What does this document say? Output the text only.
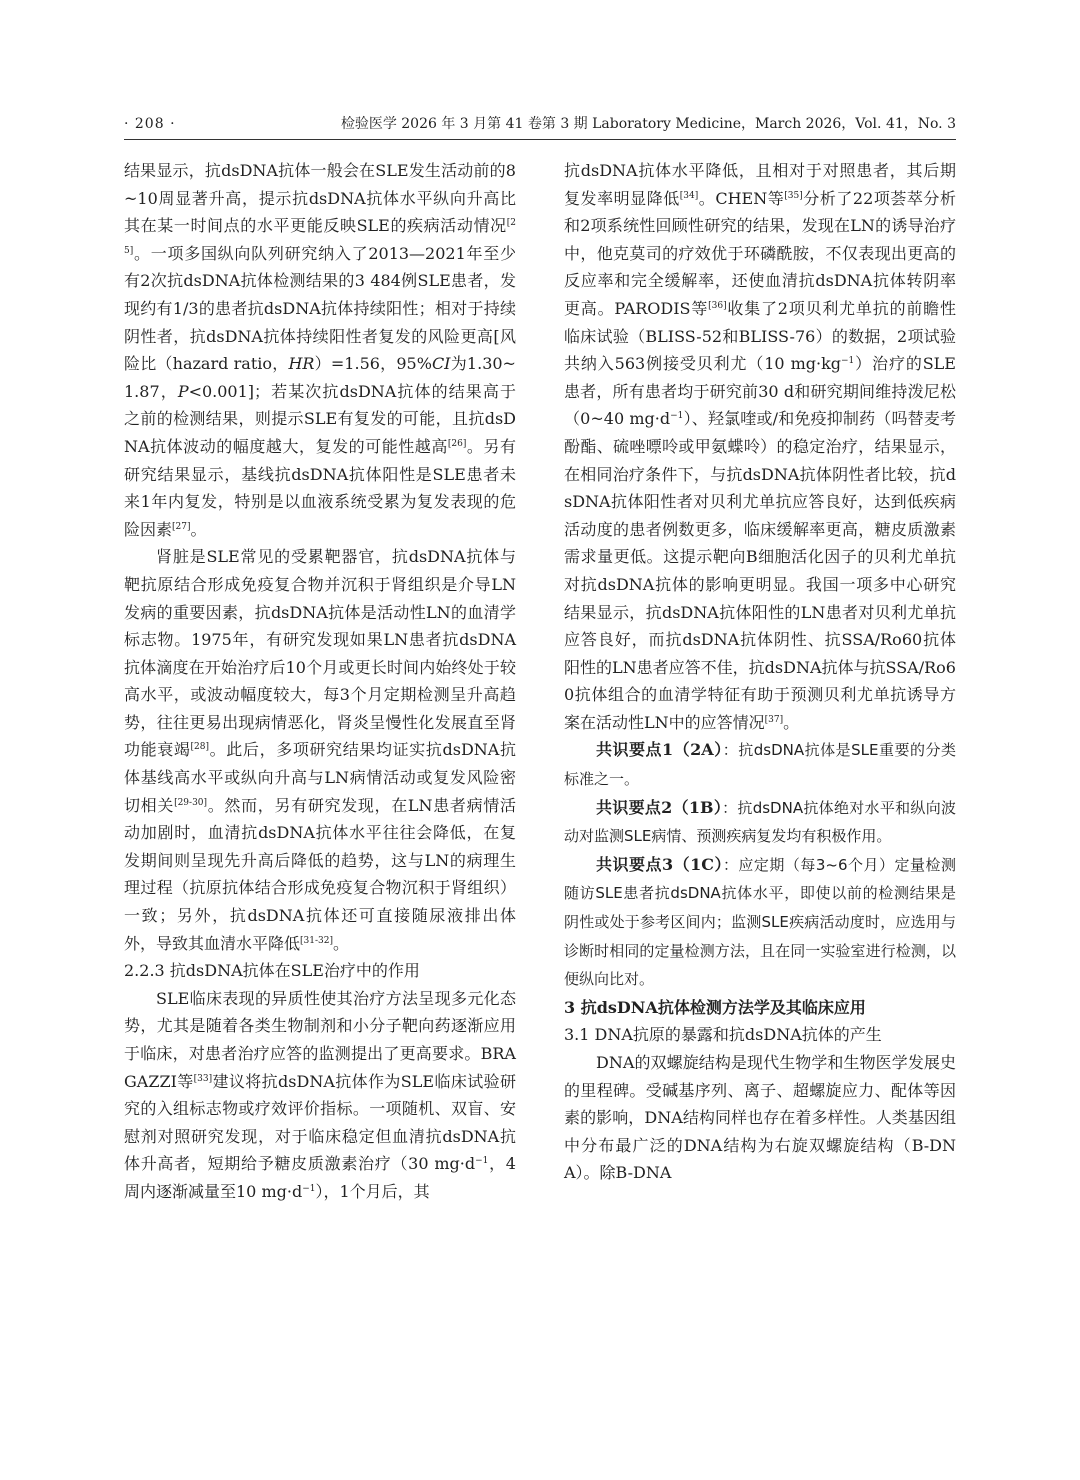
· 208 ·	检验医学 2026 年 3 月第 41 卷第 3 期 Laboratory Medicine，March 2026，Vol. 41，No. 3

结果显示，抗dsDNA抗体一般会在SLE发生活动前的8~10周显著升高，提示抗dsDNA抗体水平纵向升高比其在某一时间点的水平更能反映SLE的疾病活动情况[25]。一项多国纵向队列研究纳入了2013—2021年至少有2次抗dsDNA抗体检测结果的3 484例SLE患者，发现约有1/3的患者抗dsDNA抗体持续阳性；相对于持续阴性者，抗dsDNA抗体持续阳性者复发的风险更高[风险比（hazard ratio，HR）=1.56，95%CI为1.30~1.87，P<0.001]；若某次抗dsDNA抗体的结果高于之前的检测结果，则提示SLE有复发的可能，且抗dsDNA抗体波动的幅度越大，复发的可能性越高[26]。另有研究结果显示，基线抗dsDNA抗体阳性是SLE患者未来1年内复发，特别是以血液系统受累为复发表现的危险因素[27]。

肾脏是SLE常见的受累靶器官，抗dsDNA抗体与靶抗原结合形成免疫复合物并沉积于肾组织是介导LN发病的重要因素，抗dsDNA抗体是活动性LN的血清学标志物。1975年，有研究发现如果LN患者抗dsDNA抗体滴度在开始治疗后10个月或更长时间内始终处于较高水平，或波动幅度较大，每3个月定期检测呈升高趋势，往往更易出现病情恶化，肾炎呈慢性化发展直至肾功能衰竭[28]。此后，多项研究结果均证实抗dsDNA抗体基线高水平或纵向升高与LN病情活动或复发风险密切相关[29-30]。然而，另有研究发现，在LN患者病情活动加剧时，血清抗dsDNA抗体水平往往会降低，在复发期间则呈现先升高后降低的趋势，这与LN的病理生理过程（抗原抗体结合形成免疫复合物沉积于肾组织）一致；另外，抗dsDNA抗体还可直接随尿液排出体外，导致其血清水平降低[31-32]。

2.2.3 抗dsDNA抗体在SLE治疗中的作用

SLE临床表现的异质性使其治疗方法呈现多元化态势，尤其是随着各类生物制剂和小分子靶向药逐渐应用于临床，对患者治疗应答的监测提出了更高要求。BRAGAZZI等[33]建议将抗dsDNA抗体作为SLE临床试验研究的入组标志物或疗效评价指标。一项随机、双盲、安慰剂对照研究发现，对于临床稳定但血清抗dsDNA抗体升高者，短期给予糖皮质激素治疗（30 $mg\cdot d^{-1}$，4周内逐渐减量至10 $mg\cdot d^{-1}$），1个月后，其

抗dsDNA抗体水平降低，且相对于对照患者，其后期复发率明显降低[34]。CHEN等[35]分析了22项荟萃分析和2项系统性回顾性研究的结果，发现在LN的诱导治疗中，他克莫司的疗效优于环磷酰胺，不仅表现出更高的反应率和完全缓解率，还使血清抗dsDNA抗体转阴率更高。PARODIS等[36]收集了2项贝利尤单抗的前瞻性临床试验（BLISS-52和BLISS-76）的数据，2项试验共纳入563例接受贝利尤（10 $mg\cdot kg^{-1}$）治疗的SLE患者，所有患者均于研究前30 d和研究期间维持泼尼松（0~40 $mg\cdot d^{-1}$）、羟氯喹或/和免疫抑制药（吗替麦考酚酯、硫唑嘌呤或甲氨蝶呤）的稳定治疗，结果显示，在相同治疗条件下，与抗dsDNA抗体阴性者比较，抗dsDNA抗体阳性者对贝利尤单抗应答良好，达到低疾病活动度的患者例数更多，临床缓解率更高，糖皮质激素需求量更低。这提示靶向B细胞活化因子的贝利尤单抗对抗dsDNA抗体的影响更明显。我国一项多中心研究结果显示，抗dsDNA抗体阳性的LN患者对贝利尤单抗应答良好，而抗dsDNA抗体阴性、抗SSA/Ro60抗体阳性的LN患者应答不佳，抗dsDNA抗体与抗SSA/Ro60抗体组合的血清学特征有助于预测贝利尤单抗诱导方案在活动性LN中的应答情况[37]。

共识要点1（2A）：抗dsDNA抗体是SLE重要的分类标准之一。

共识要点2（1B）：抗dsDNA抗体绝对水平和纵向波动对监测SLE病情、预测疾病复发均有积极作用。

共识要点3（1C）：应定期（每3~6个月）定量检测随访SLE患者抗dsDNA抗体水平，即使以前的检测结果是阴性或处于参考区间内；监测SLE疾病活动度时，应选用与诊断时相同的定量检测方法，且在同一实验室进行检测，以便纵向比对。

3 抗dsDNA抗体检测方法学及其临床应用

3.1 DNA抗原的暴露和抗dsDNA抗体的产生

DNA的双螺旋结构是现代生物学和生物医学发展史的里程碑。受碱基序列、离子、超螺旋应力、配体等因素的影响，DNA结构同样也存在着多样性。人类基因组中分布最广泛的DNA结构为右旋双螺旋结构（B-DNA）。除B-DNA
